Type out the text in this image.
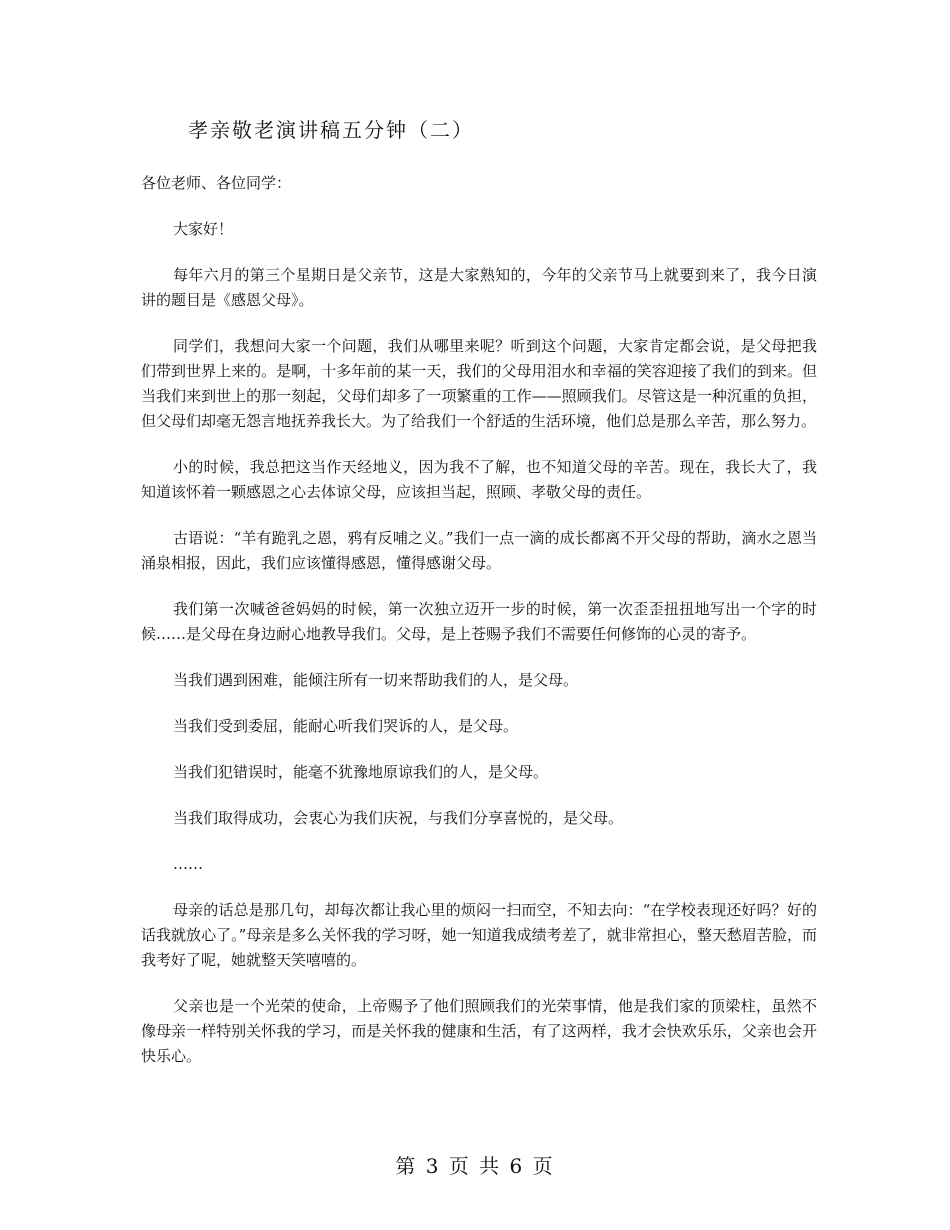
孝亲敬老演讲稿五分钟（二）

各位老师、各位同学：

大家好！

每年六月的第三个星期日是父亲节，这是大家熟知的，今年的父亲节马上就要到来了，我今日演讲的题目是《感恩父母》。

同学们，我想问大家一个问题，我们从哪里来呢？听到这个问题，大家肯定都会说，是父母把我们带到世界上来的。是啊，十多年前的某一天，我们的父母用泪水和幸福的笑容迎接了我们的到来。但当我们来到世上的那一刻起，父母们却多了一项繁重的工作——照顾我们。尽管这是一种沉重的负担，但父母们却毫无怨言地抚养我长大。为了给我们一个舒适的生活环境，他们总是那么辛苦，那么努力。

小的时候，我总把这当作天经地义，因为我不了解，也不知道父母的辛苦。现在，我长大了，我知道该怀着一颗感恩之心去体谅父母，应该担当起，照顾、孝敬父母的责任。

古语说：“羊有跪乳之恩，鸦有反哺之义。”我们一点一滴的成长都离不开父母的帮助，滴水之恩当涌泉相报，因此，我们应该懂得感恩，懂得感谢父母。

我们第一次喊爸爸妈妈的时候，第一次独立迈开一步的时候，第一次歪歪扭扭地写出一个字的时候……是父母在身边耐心地教导我们。父母，是上苍赐予我们不需要任何修饰的心灵的寄予。

当我们遇到困难，能倾注所有一切来帮助我们的人，是父母。

当我们受到委屈，能耐心听我们哭诉的人，是父母。

当我们犯错误时，能毫不犹豫地原谅我们的人，是父母。

当我们取得成功，会衷心为我们庆祝，与我们分享喜悦的，是父母。

……

母亲的话总是那几句，却每次都让我心里的烦闷一扫而空，不知去向：“在学校表现还好吗？好的话我就放心了。”母亲是多么关怀我的学习呀，她一知道我成绩考差了，就非常担心，整天愁眉苦脸，而我考好了呢，她就整天笑嘻嘻的。

父亲也是一个光荣的使命，上帝赐予了他们照顾我们的光荣事情，他是我们家的顶梁柱，虽然不像母亲一样特别关怀我的学习，而是关怀我的健康和生活，有了这两样，我才会快欢乐乐，父亲也会开快乐心。

第 3 页 共 6 页
